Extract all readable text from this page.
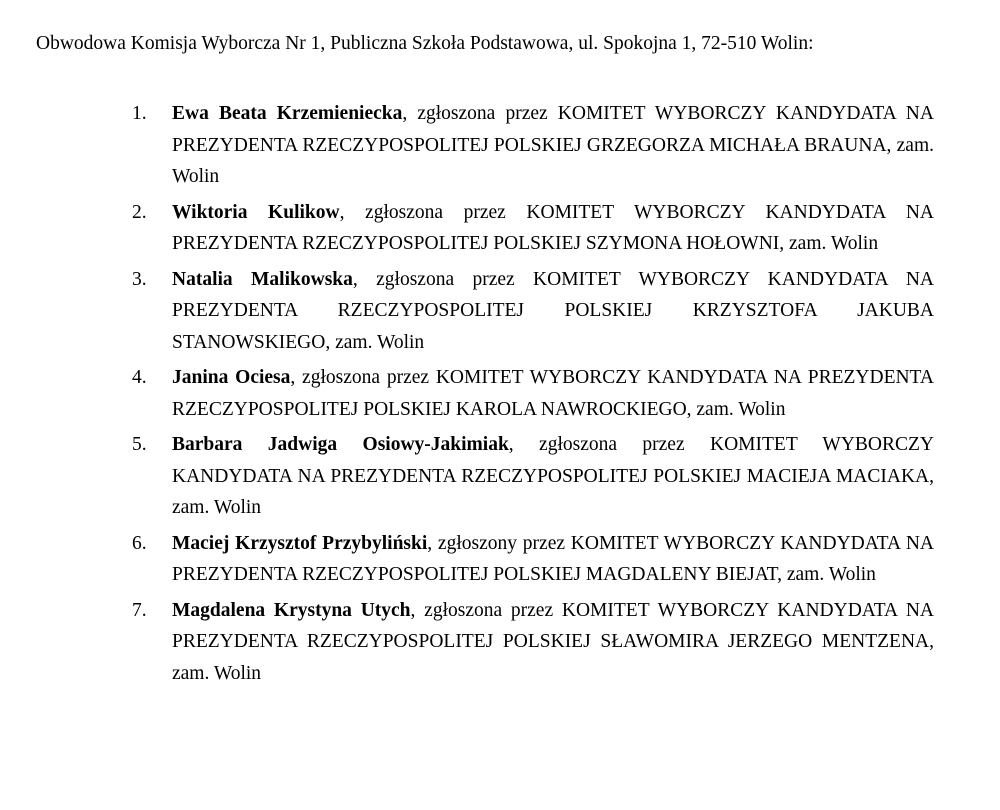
Obwodowa Komisja Wyborcza Nr 1, Publiczna Szkoła Podstawowa, ul. Spokojna 1, 72-510 Wolin:
1.	Ewa Beata Krzemieniecka, zgłoszona przez KOMITET WYBORCZY KANDYDATA NA PREZYDENTA RZECZYPOSPOLITEJ POLSKIEJ GRZEGORZA MICHAŁA BRAUNA, zam. Wolin
2.	Wiktoria Kulikow, zgłoszona przez KOMITET WYBORCZY KANDYDATA NA PREZYDENTA RZECZYPOSPOLITEJ POLSKIEJ SZYMONA HOŁOWNI, zam. Wolin
3.	Natalia Malikowska, zgłoszona przez KOMITET WYBORCZY KANDYDATA NA PREZYDENTA RZECZYPOSPOLITEJ POLSKIEJ KRZYSZTOFA JAKUBA STANOWSKIEGO, zam. Wolin
4.	Janina Ociesa, zgłoszona przez KOMITET WYBORCZY KANDYDATA NA PREZYDENTA RZECZYPOSPOLITEJ POLSKIEJ KAROLA NAWROCKIEGO, zam. Wolin
5.	Barbara Jadwiga Osiowy-Jakimiak, zgłoszona przez KOMITET WYBORCZY KANDYDATA NA PREZYDENTA RZECZYPOSPOLITEJ POLSKIEJ MACIEJA MACIAKA, zam. Wolin
6.	Maciej Krzysztof Przybyliński, zgłoszony przez KOMITET WYBORCZY KANDYDATA NA PREZYDENTA RZECZYPOSPOLITEJ POLSKIEJ MAGDALENY BIEJAT, zam. Wolin
7.	Magdalena Krystyna Utych, zgłoszona przez KOMITET WYBORCZY KANDYDATA NA PREZYDENTA RZECZYPOSPOLITEJ POLSKIEJ SŁAWOMIRA JERZEGO MENTZENA, zam. Wolin
